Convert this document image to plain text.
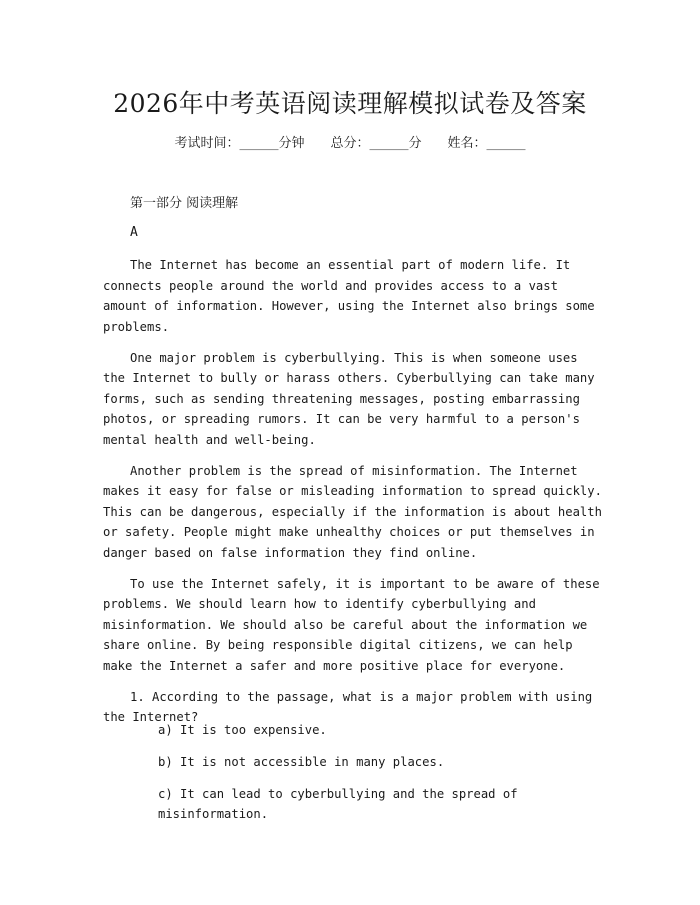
2026年中考英语阅读理解模拟试卷及答案
考试时间：______分钟 总分：______分 姓名：______
第一部分 阅读理解
A

The Internet has become an essential part of modern life. It connects people around the world and provides access to a vast amount of information. However, using the Internet also brings some problems.

One major problem is cyberbullying. This is when someone uses the Internet to bully or harass others. Cyberbullying can take many forms, such as sending threatening messages, posting embarrassing photos, or spreading rumors. It can be very harmful to a person's mental health and well-being.

Another problem is the spread of misinformation. The Internet makes it easy for false or misleading information to spread quickly. This can be dangerous, especially if the information is about health or safety. People might make unhealthy choices or put themselves in danger based on false information they find online.

To use the Internet safely, it is important to be aware of these problems. We should learn how to identify cyberbullying and misinformation. We should also be careful about the information we share online. By being responsible digital citizens, we can help make the Internet a safer and more positive place for everyone.

1. According to the passage, what is a major problem with using the Internet?

a) It is too expensive.
b) It is not accessible in many places.
c) It can lead to cyberbullying and the spread of misinformation.
